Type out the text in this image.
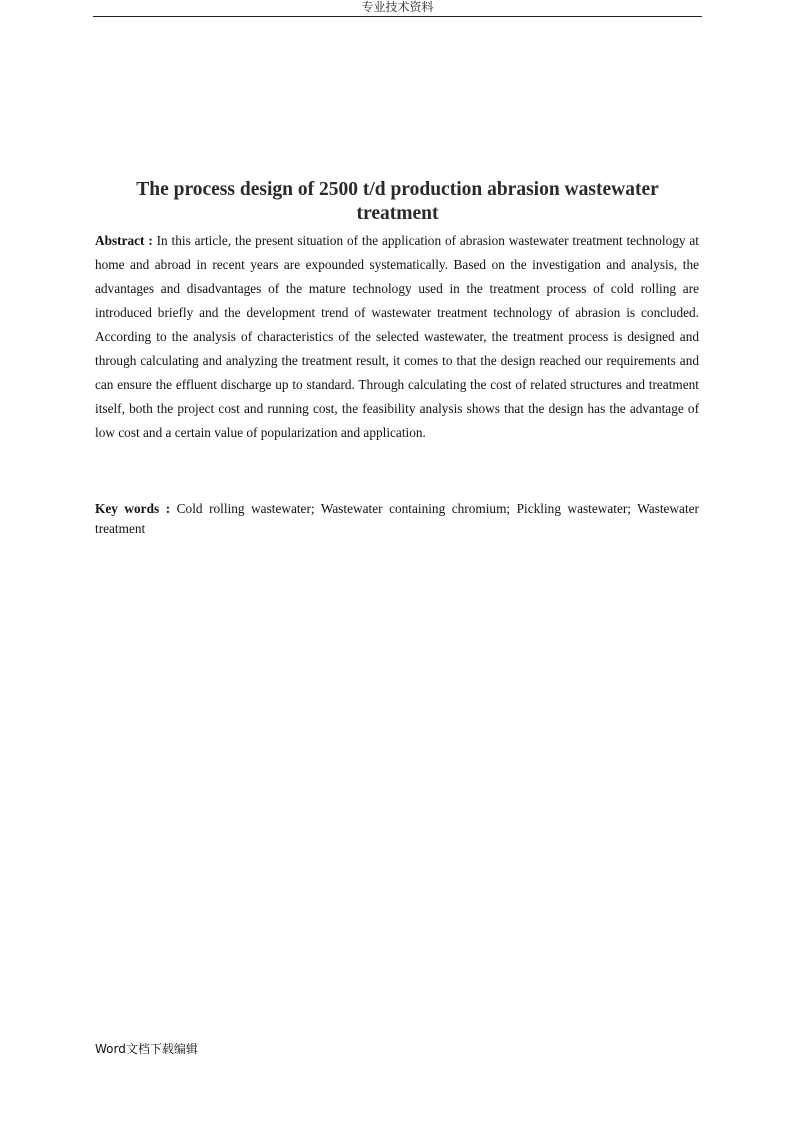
专业技术资料
The process design of 2500 t/d production abrasion wastewater treatment

Abstract : In this article, the present situation of the application of abrasion wastewater treatment technology at home and abroad in recent years are expounded systematically. Based on the investigation and analysis, the advantages and disadvantages of the mature technology used in the treatment process of cold rolling are introduced briefly and the development trend of wastewater treatment technology of abrasion is concluded. According to the analysis of characteristics of the selected wastewater, the treatment process is designed and through calculating and analyzing the treatment result, it comes to that the design reached our requirements and can ensure the effluent discharge up to standard. Through calculating the cost of related structures and treatment itself, both the project cost and running cost, the feasibility analysis shows that the design has the advantage of low cost and a certain value of popularization and application.

Key words : Cold rolling wastewater; Wastewater containing chromium; Pickling wastewater; Wastewater treatment

Word文档下载编辑
